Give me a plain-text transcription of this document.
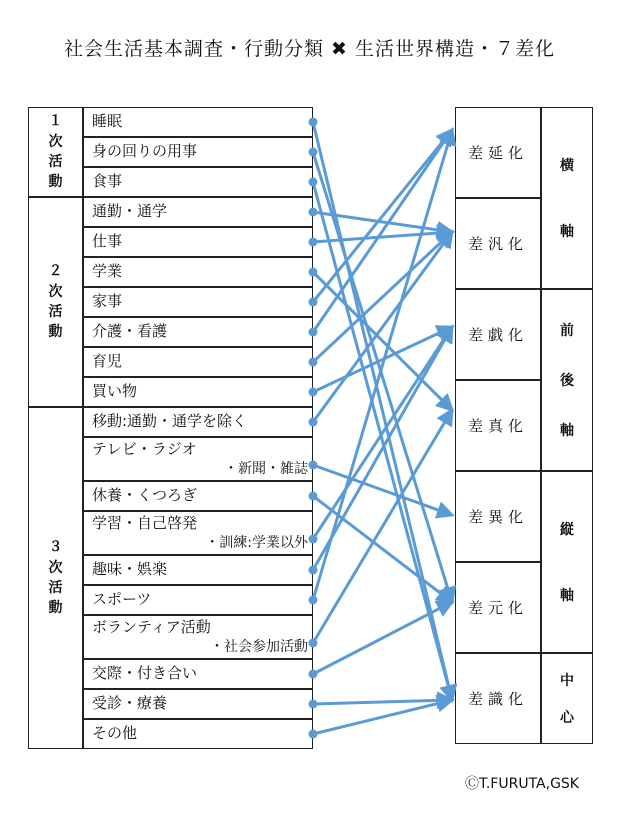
社会生活基本調査・行動分類 ✖ 生活世界構造・７差化
１
次
活
動
２
次
活
動
３
次
活
動
睡眠
身の回りの用事
食事
通勤・通学
仕事
学業
家事
介護・看護
育児
買い物
移動:通勤・通学を除く
テレビ・ラジオ
・新聞・雑誌
休養・くつろぎ
学習・自己啓発
・訓練:学業以外
趣味・娯楽
スポーツ
ボランティア活動
・社会参加活動
交際・付き合い
受診・療養
その他
差延化
差汎化
差戯化
差真化
差異化
差元化
差識化
横
軸
前
後
軸
縦
軸
中
心
ⒸT.FURUTA,GSK
